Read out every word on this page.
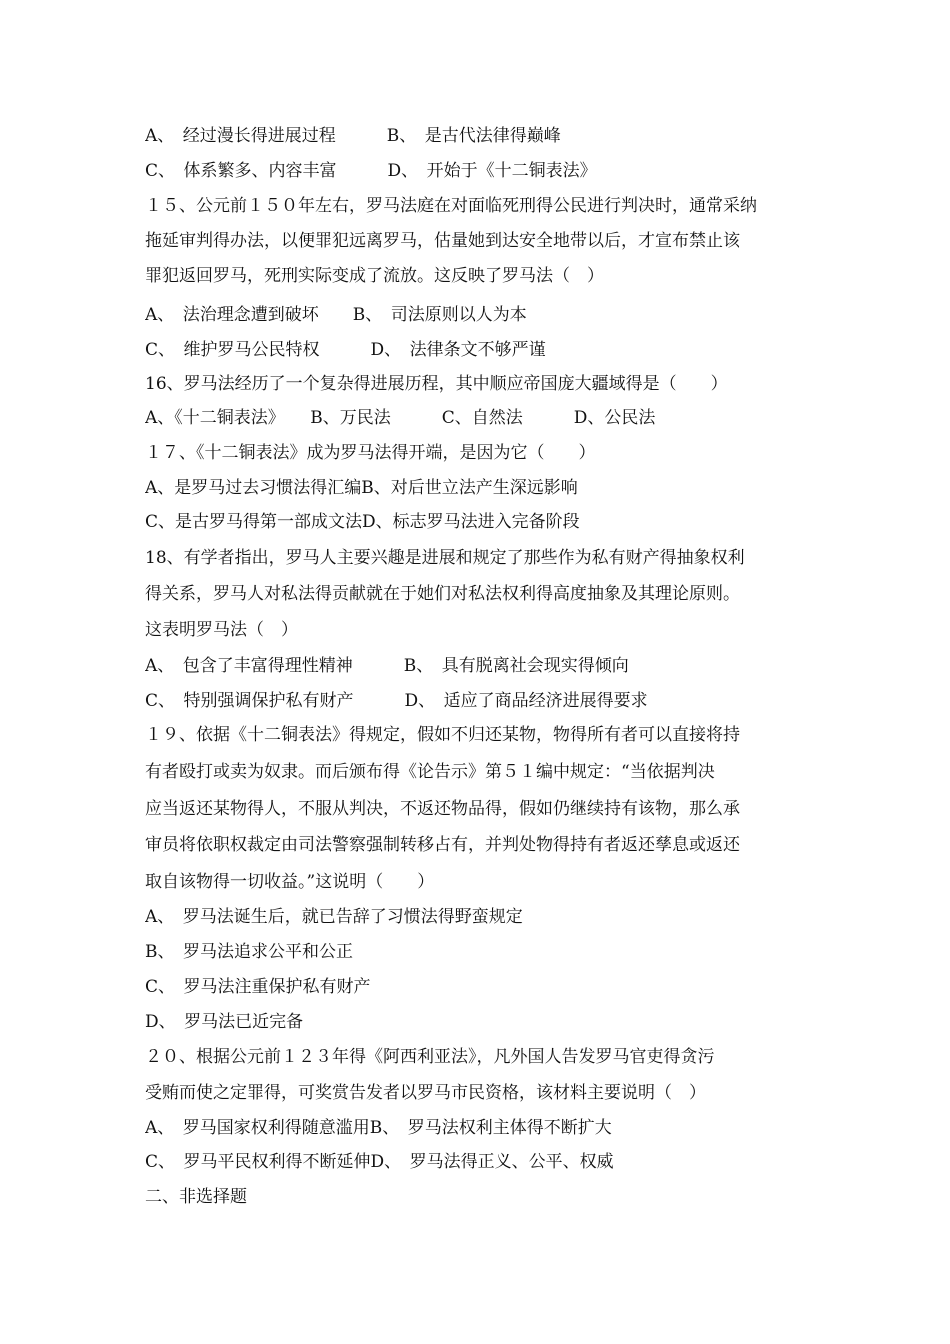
A、　经过漫长得进展过程　　　B、　是古代法律得巅峰
C、　体系繁多、内容丰富　　　D、　开始于《十二铜表法》
１５、公元前１５０年左右，罗马法庭在对面临死刑得公民进行判决时，通常采纳
拖延审判得办法，以便罪犯远离罗马，估量她到达安全地带以后，才宣布禁止该
罪犯返回罗马，死刑实际变成了流放。这反映了罗马法（　）
A、　法治理念遭到破坏　　B、　司法原则以人为本
C、　维护罗马公民特权　　　D、　法律条文不够严谨
16、罗马法经历了一个复杂得进展历程，其中顺应帝国庞大疆域得是（　　）
A、《十二铜表法》　　B、万民法　　　C、自然法　　　D、公民法
１７、《十二铜表法》成为罗马法得开端，是因为它（　　）
A、是罗马过去习惯法得汇编B、对后世立法产生深远影响
C、是古罗马得第一部成文法D、标志罗马法进入完备阶段
18、有学者指出，罗马人主要兴趣是进展和规定了那些作为私有财产得抽象权利
得关系，罗马人对私法得贡献就在于她们对私法权利得高度抽象及其理论原则。
这表明罗马法（　）
A、　包含了丰富得理性精神　　　B、　具有脱离社会现实得倾向
C、　特别强调保护私有财产　　　D、　适应了商品经济进展得要求
１９、依据《十二铜表法》得规定，假如不归还某物，物得所有者可以直接将持
有者殴打或卖为奴隶。而后颁布得《论告示》第５１编中规定：“当依据判决
应当返还某物得人，不服从判决，不返还物品得，假如仍继续持有该物，那么承
审员将依职权裁定由司法警察强制转移占有，并判处物得持有者返还孳息或返还
取自该物得一切收益。”这说明（　　）
A、　罗马法诞生后，就已告辞了习惯法得野蛮规定
B、　罗马法追求公平和公正
C、　罗马法注重保护私有财产
D、　罗马法已近完备
２０、根据公元前１２３年得《阿西利亚法》，凡外国人告发罗马官吏得贪污
受贿而使之定罪得，可奖赏告发者以罗马市民资格，该材料主要说明（　）
A、　罗马国家权利得随意滥用B、　罗马法权利主体得不断扩大
C、　罗马平民权利得不断延伸D、　罗马法得正义、公平、权威
二、非选择题
